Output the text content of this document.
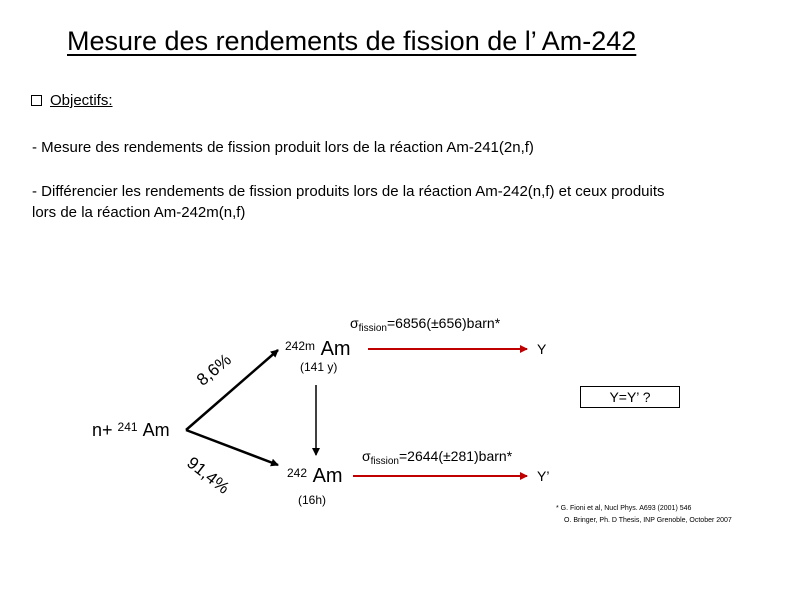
Mesure des rendements de fission de l’ Am-242
Objectifs:
- Mesure des rendements de fission produit lors de la réaction Am-241(2n,f)
- Différencier les rendements de fission produits lors de la réaction Am-242(n,f) et ceux produits
lors de la réaction Am-242m(n,f)
$\sigma_{fission}=6856(\pm 656)barn*$
$\sigma_{fission}=2644(\pm 281)barn*$
$^{242m}$ Am
(141 y)
$^{242}$ Am
(16h)
n+ $^{241}$ Am
8,6%
91,4%
Y
Y’
Y=Y’ ?
* G. Fioni et al, Nucl Phys. A693 (2001) 546
O. Bringer, Ph. D Thesis, INP Grenoble, October 2007
